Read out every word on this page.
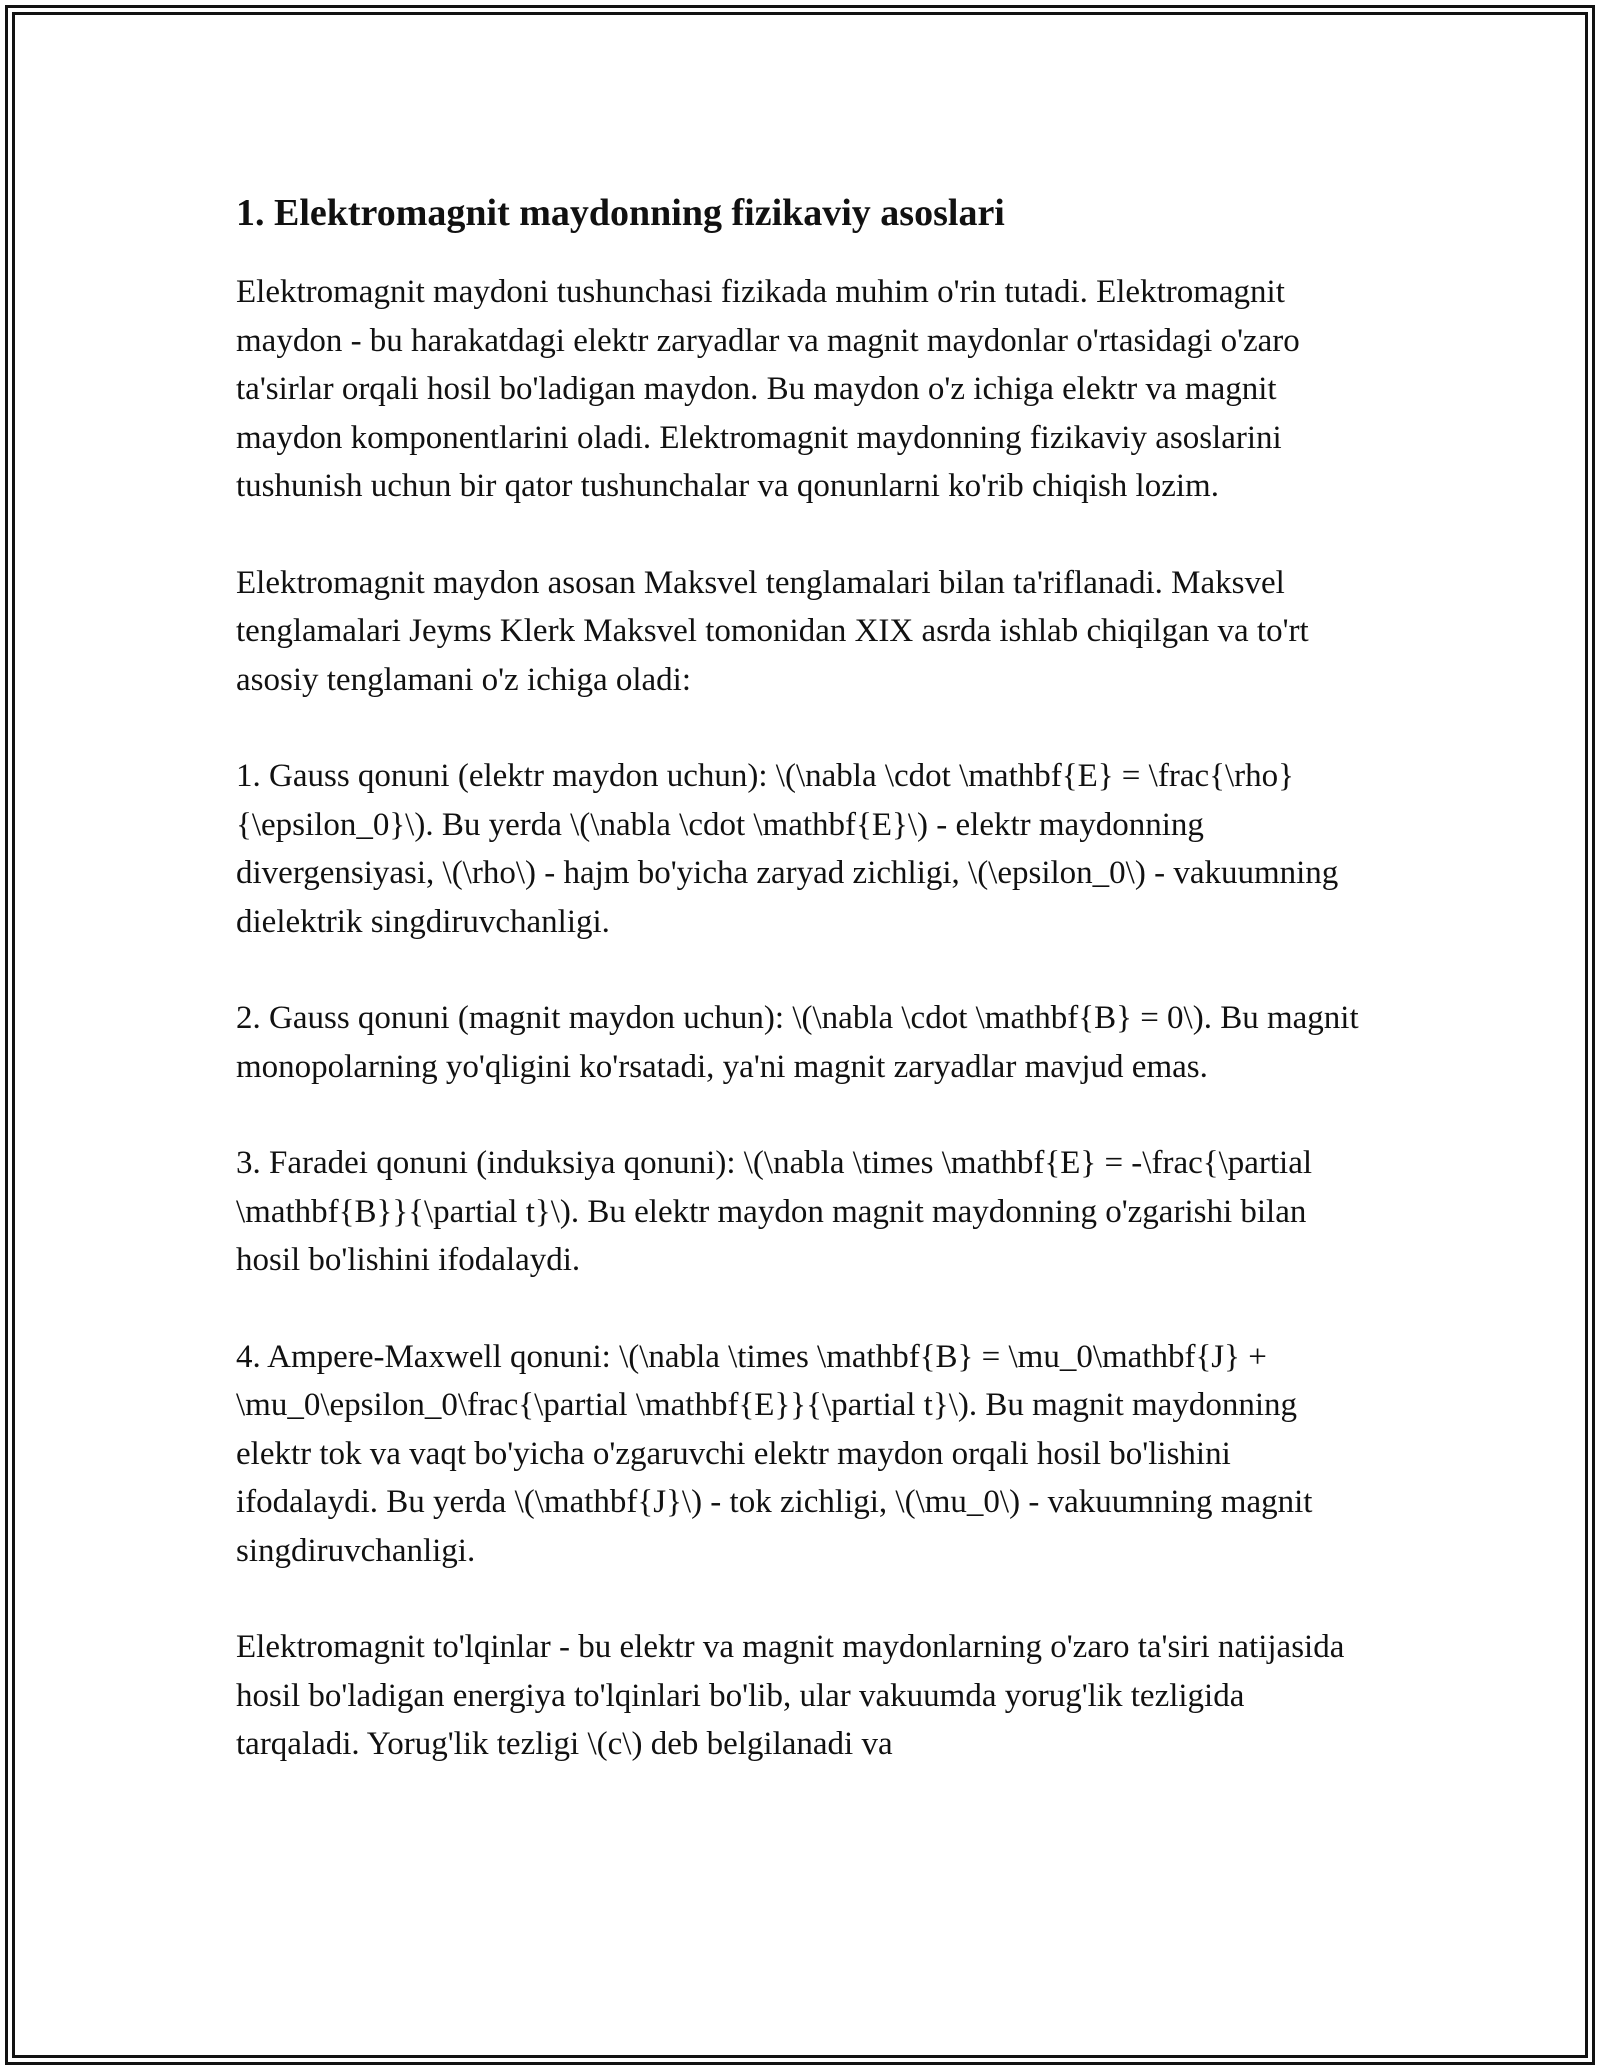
1. Elektromagnit maydonning fizikaviy asoslari

Elektromagnit maydoni tushunchasi fizikada muhim o'rin tutadi. Elektromagnit maydon - bu harakatdagi elektr zaryadlar va magnit maydonlar o'rtasidagi o'zaro ta'sirlar orqali hosil bo'ladigan maydon. Bu maydon o'z ichiga elektr va magnit maydon komponentlarini oladi. Elektromagnit maydonning fizikaviy asoslarini tushunish uchun bir qator tushunchalar va qonunlarni ko'rib chiqish lozim.

Elektromagnit maydon asosan Maksvel tenglamalari bilan ta'riflanadi. Maksvel tenglamalari Jeyms Klerk Maksvel tomonidan XIX asrda ishlab chiqilgan va to'rt asosiy tenglamani o'z ichiga oladi:

1. Gauss qonuni (elektr maydon uchun): \(\nabla \cdot \mathbf{E} = \frac{\rho}{\epsilon_0}\). Bu yerda \(\nabla \cdot \mathbf{E}\) - elektr maydonning divergensiyasi, \(\rho\) - hajm bo'yicha zaryad zichligi, \(\epsilon_0\) - vakuumning dielektrik singdiruvchanligi.

2. Gauss qonuni (magnit maydon uchun): \(\nabla \cdot \mathbf{B} = 0\). Bu magnit monopolarning yo'qligini ko'rsatadi, ya'ni magnit zaryadlar mavjud emas.

3. Faradei qonuni (induksiya qonuni): \(\nabla \times \mathbf{E} = -\frac{\partial \mathbf{B}}{\partial t}\). Bu elektr maydon magnit maydonning o'zgarishi bilan hosil bo'lishini ifodalaydi.

4. Ampere-Maxwell qonuni: \(\nabla \times \mathbf{B} = \mu_0\mathbf{J} + \mu_0\epsilon_0\frac{\partial \mathbf{E}}{\partial t}\). Bu magnit maydonning elektr tok va vaqt bo'yicha o'zgaruvchi elektr maydon orqali hosil bo'lishini ifodalaydi. Bu yerda \(\mathbf{J}\) - tok zichligi, \(\mu_0\) - vakuumning magnit singdiruvchanligi.

Elektromagnit to'lqinlar - bu elektr va magnit maydonlarning o'zaro ta'siri natijasida hosil bo'ladigan energiya to'lqinlari bo'lib, ular vakuumda yorug'lik tezligida tarqaladi. Yorug'lik tezligi \(c\) deb belgilanadi va
